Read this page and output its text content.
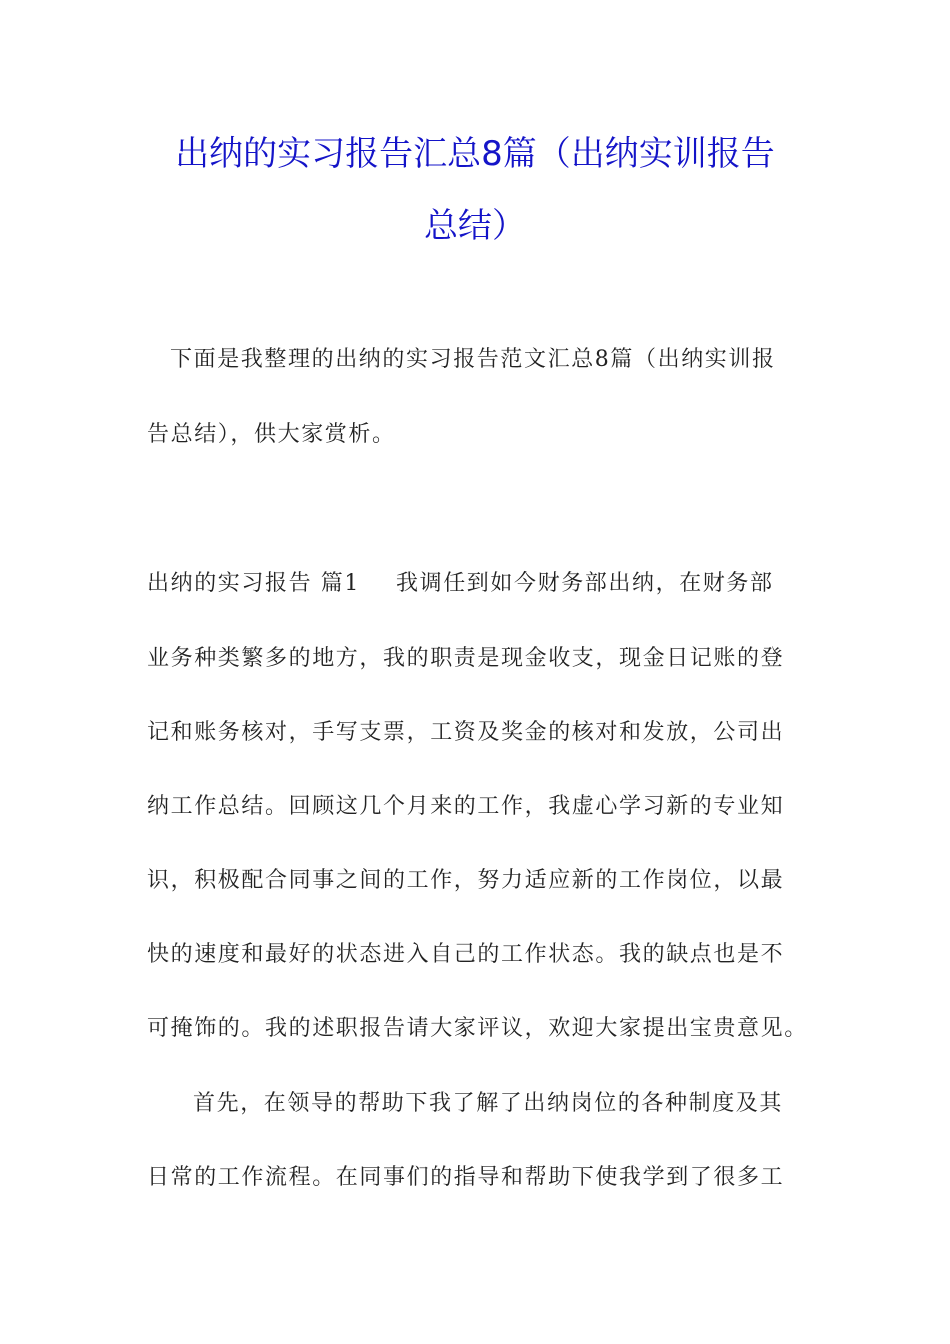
出纳的实习报告汇总8篇（出纳实训报告
总结）
下面是我整理的出纳的实习报告范文汇总8篇（出纳实训报
告总结），供大家赏析。
出纳的实习报告 篇1 我调任到如今财务部出纳，在财务部
业务种类繁多的地方，我的职责是现金收支，现金日记账的登
记和账务核对，手写支票，工资及奖金的核对和发放，公司出
纳工作总结。回顾这几个月来的工作，我虚心学习新的专业知
识，积极配合同事之间的工作，努力适应新的工作岗位，以最
快的速度和最好的状态进入自己的工作状态。我的缺点也是不
可掩饰的。我的述职报告请大家评议，欢迎大家提出宝贵意见。
首先，在领导的帮助下我了解了出纳岗位的各种制度及其
日常的工作流程。在同事们的指导和帮助下使我学到了很多工
